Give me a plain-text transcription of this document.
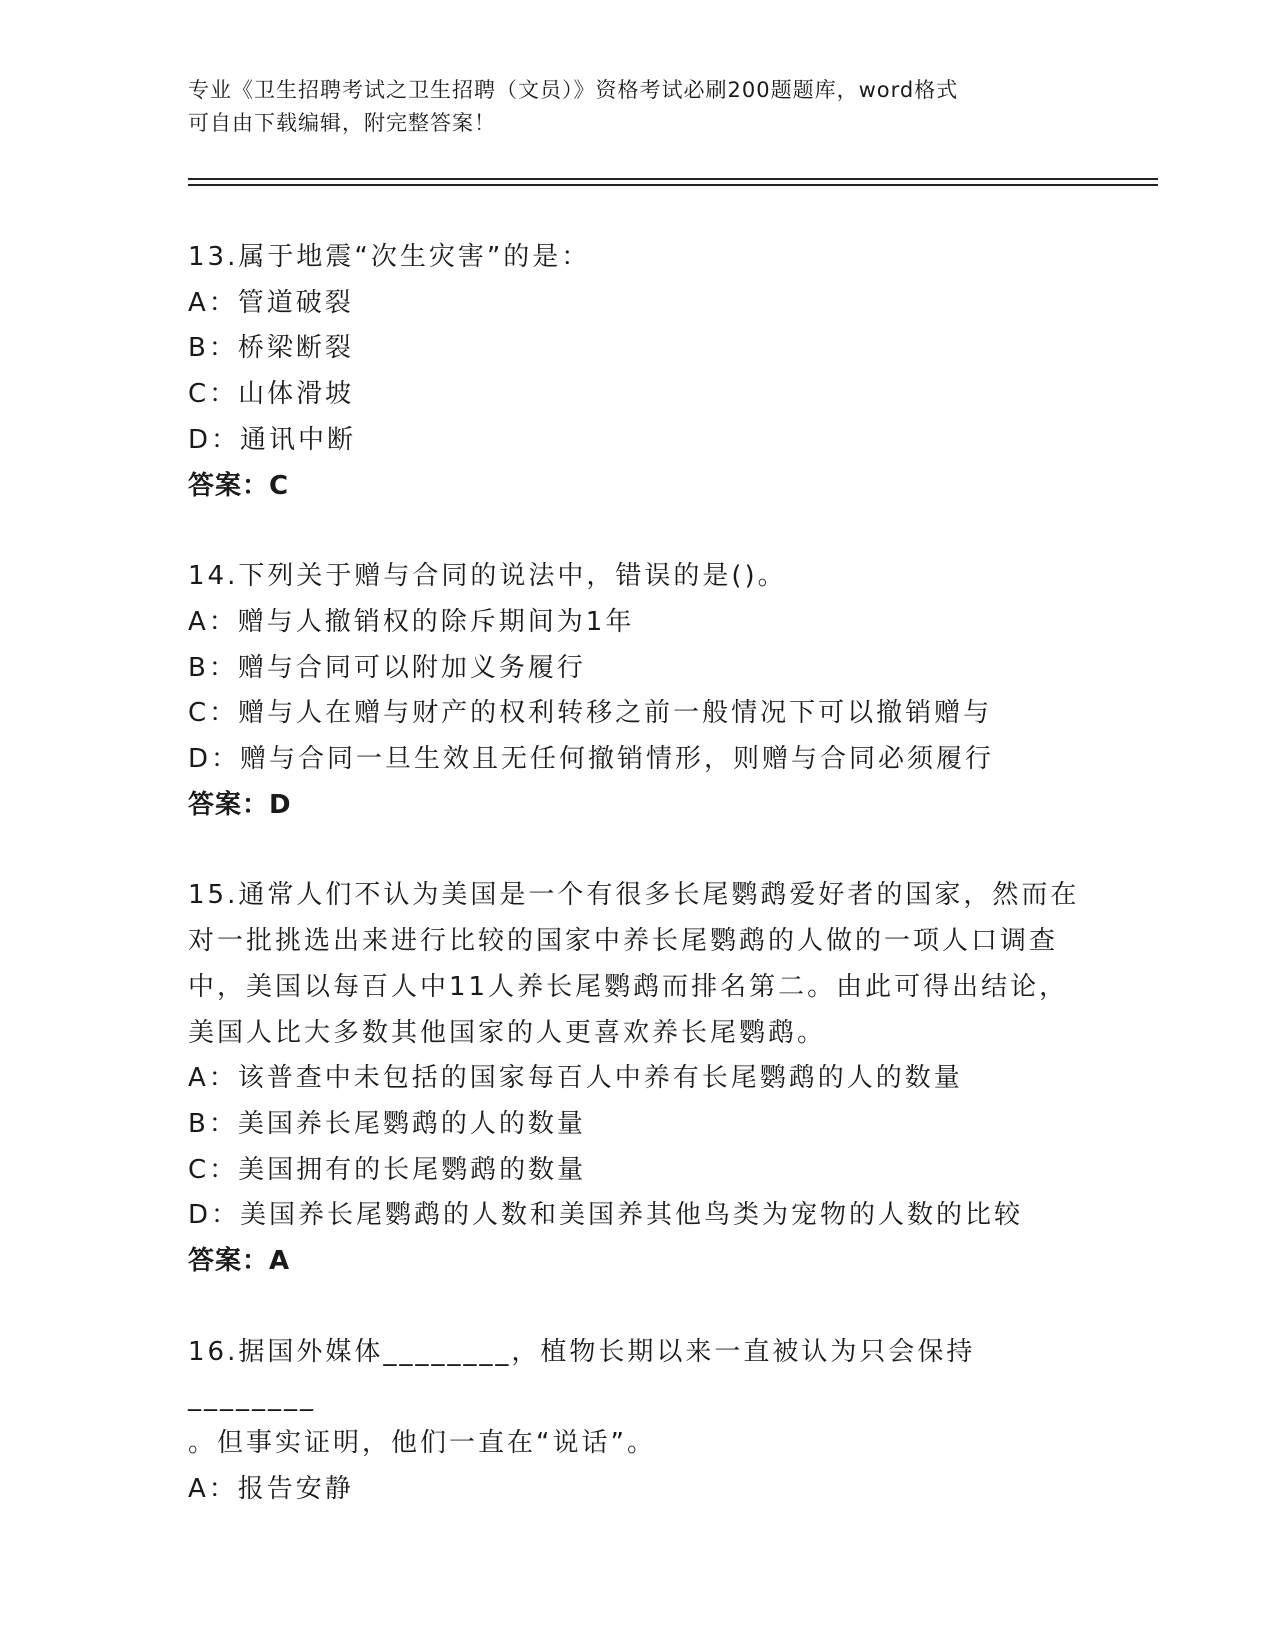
专业《卫生招聘考试之卫生招聘（文员）》资格考试必刷200题题库，word格式
可自由下载编辑，附完整答案！
13.属于地震“次生灾害”的是：
A：管道破裂
B：桥梁断裂
C：山体滑坡
D：通讯中断
答案：C
14.下列关于赠与合同的说法中，错误的是()。
A：赠与人撤销权的除斥期间为1年
B：赠与合同可以附加义务履行
C：赠与人在赠与财产的权利转移之前一般情况下可以撤销赠与
D：赠与合同一旦生效且无任何撤销情形，则赠与合同必须履行
答案：D
15.通常人们不认为美国是一个有很多长尾鹦鹉爱好者的国家，然而在
对一批挑选出来进行比较的国家中养长尾鹦鹉的人做的一项人口调查
中，美国以每百人中11人养长尾鹦鹉而排名第二。由此可得出结论，
美国人比大多数其他国家的人更喜欢养长尾鹦鹉。
A：该普查中未包括的国家每百人中养有长尾鹦鹉的人的数量
B：美国养长尾鹦鹉的人的数量
C：美国拥有的长尾鹦鹉的数量
D：美国养长尾鹦鹉的人数和美国养其他鸟类为宠物的人数的比较
答案：A
16.据国外媒体________，植物长期以来一直被认为只会保持________
。但事实证明，他们一直在“说话”。
A：报告安静
